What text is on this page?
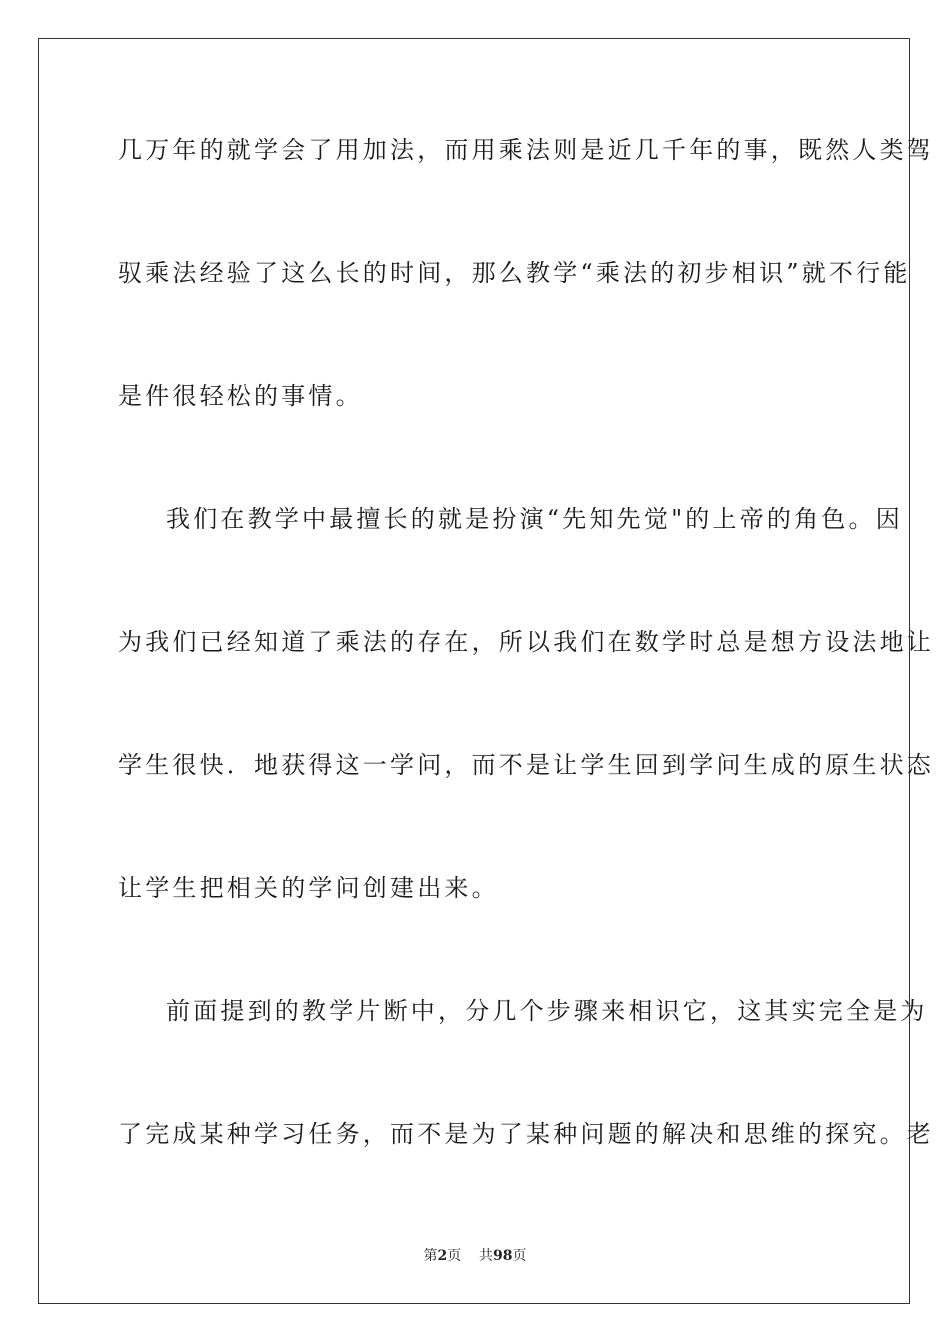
几万年的就学会了用加法，而用乘法则是近几千年的事，既然人类驾
驭乘法经验了这么长的时间，那么教学“乘法的初步相识”就不行能
是件很轻松的事情。
我们在教学中最擅长的就是扮演“先知先觉"的上帝的角色。因
为我们已经知道了乘法的存在，所以我们在数学时总是想方设法地让
学生很快．地获得这一学问，而不是让学生回到学问生成的原生状态
让学生把相关的学问创建出来。
前面提到的教学片断中，分几个步骤来相识它，这其实完全是为
了完成某种学习任务，而不是为了某种问题的解决和思维的探究。老
第2页 共98页
